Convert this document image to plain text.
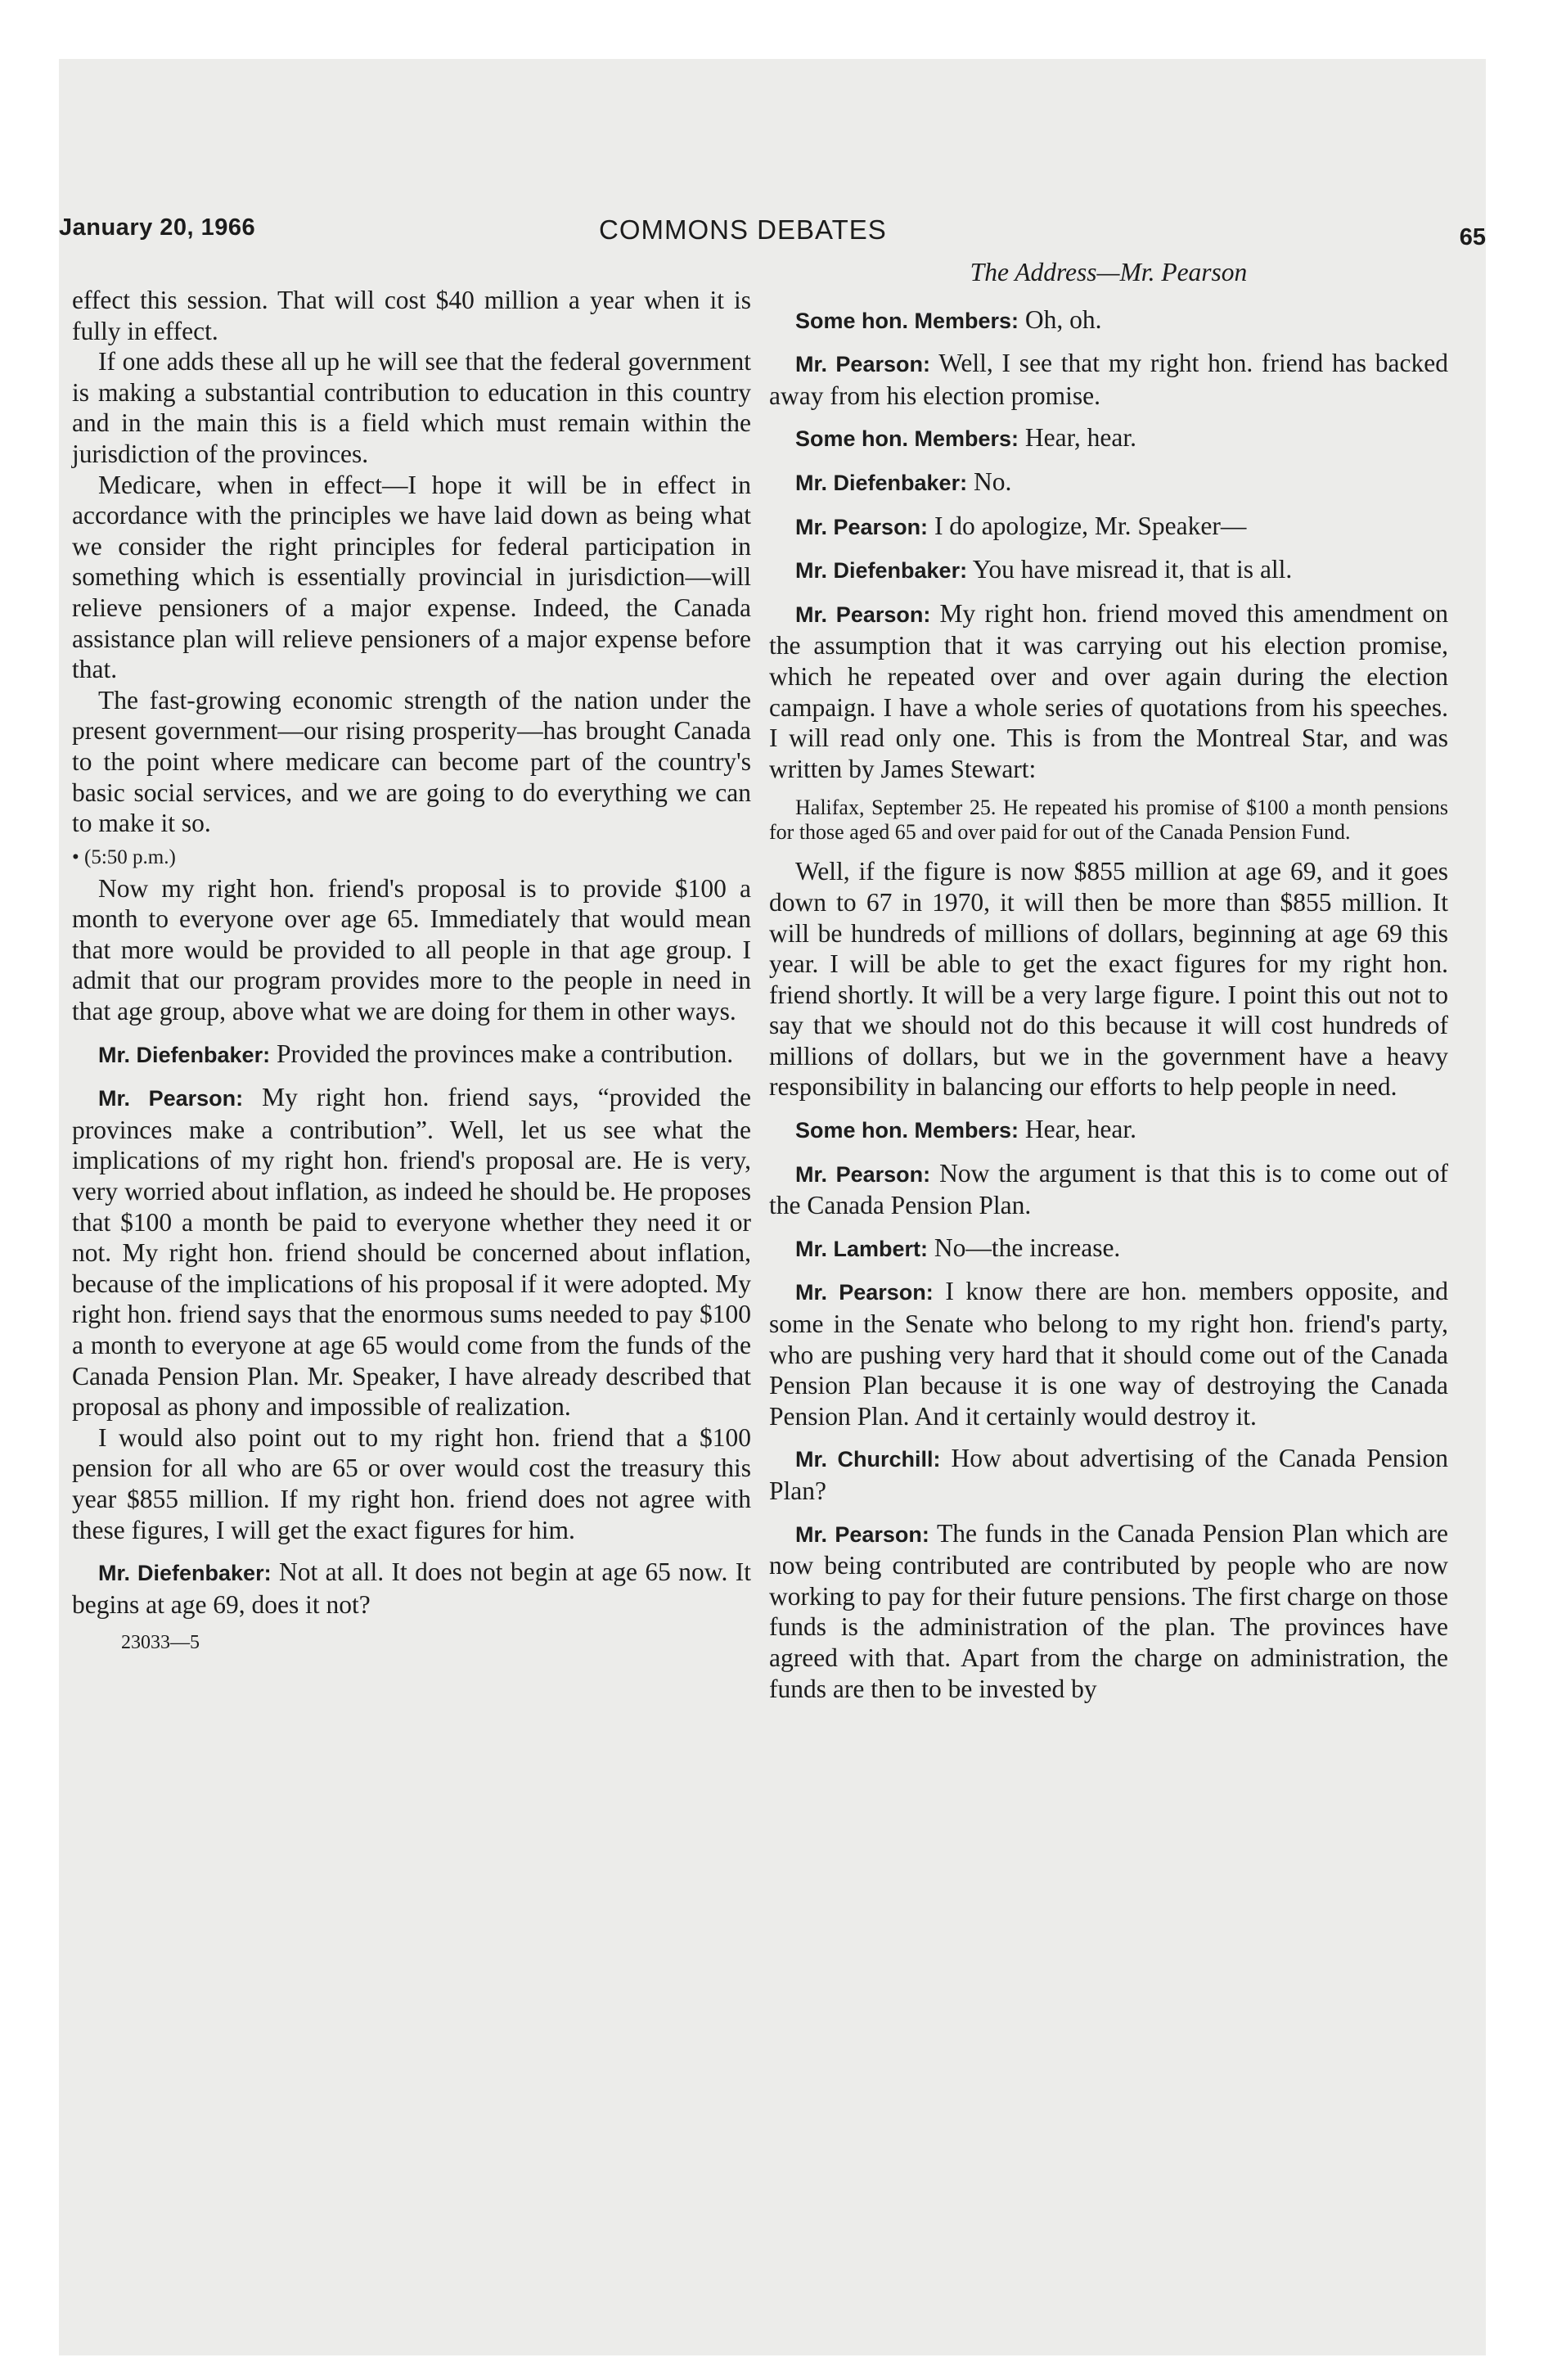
January 20, 1966	COMMONS DEBATES	65

effect this session. That will cost $40 million a year when it is fully in effect.

If one adds these all up he will see that the federal government is making a substantial contribution to education in this country and in the main this is a field which must remain within the jurisdiction of the provinces.

Medicare, when in effect—I hope it will be in effect in accordance with the principles we have laid down as being what we consider the right principles for federal participation in something which is essentially provincial in jurisdiction—will relieve pensioners of a major expense. Indeed, the Canada assistance plan will relieve pensioners of a major expense before that.

The fast-growing economic strength of the nation under the present government—our rising prosperity—has brought Canada to the point where medicare can become part of the country's basic social services, and we are going to do everything we can to make it so.

• (5:50 p.m.)

Now my right hon. friend's proposal is to provide $100 a month to everyone over age 65. Immediately that would mean that more would be provided to all people in that age group. I admit that our program provides more to the people in need in that age group, above what we are doing for them in other ways.

Mr. Diefenbaker: Provided the provinces make a contribution.

Mr. Pearson: My right hon. friend says, “provided the provinces make a contribution”. Well, let us see what the implications of my right hon. friend's proposal are. He is very, very worried about inflation, as indeed he should be. He proposes that $100 a month be paid to everyone whether they need it or not. My right hon. friend should be concerned about inflation, because of the implications of his proposal if it were adopted. My right hon. friend says that the enormous sums needed to pay $100 a month to everyone at age 65 would come from the funds of the Canada Pension Plan. Mr. Speaker, I have already described that proposal as phony and impossible of realization.

I would also point out to my right hon. friend that a $100 pension for all who are 65 or over would cost the treasury this year $855 million. If my right hon. friend does not agree with these figures, I will get the exact figures for him.

Mr. Diefenbaker: Not at all. It does not begin at age 65 now. It begins at age 69, does it not?

23033—5

The Address—Mr. Pearson

Some hon. Members: Oh, oh.

Mr. Pearson: Well, I see that my right hon. friend has backed away from his election promise.

Some hon. Members: Hear, hear.

Mr. Diefenbaker: No.

Mr. Pearson: I do apologize, Mr. Speaker—

Mr. Diefenbaker: You have misread it, that is all.

Mr. Pearson: My right hon. friend moved this amendment on the assumption that it was carrying out his election promise, which he repeated over and over again during the election campaign. I have a whole series of quotations from his speeches. I will read only one. This is from the Montreal Star, and was written by James Stewart:

Halifax, September 25. He repeated his promise of $100 a month pensions for those aged 65 and over paid for out of the Canada Pension Fund.

Well, if the figure is now $855 million at age 69, and it goes down to 67 in 1970, it will then be more than $855 million. It will be hundreds of millions of dollars, beginning at age 69 this year. I will be able to get the exact figures for my right hon. friend shortly. It will be a very large figure. I point this out not to say that we should not do this because it will cost hundreds of millions of dollars, but we in the government have a heavy responsibility in balancing our efforts to help people in need.

Some hon. Members: Hear, hear.

Mr. Pearson: Now the argument is that this is to come out of the Canada Pension Plan.

Mr. Lambert: No—the increase.

Mr. Pearson: I know there are hon. members opposite, and some in the Senate who belong to my right hon. friend's party, who are pushing very hard that it should come out of the Canada Pension Plan because it is one way of destroying the Canada Pension Plan. And it certainly would destroy it.

Mr. Churchill: How about advertising of the Canada Pension Plan?

Mr. Pearson: The funds in the Canada Pension Plan which are now being contributed are contributed by people who are now working to pay for their future pensions. The first charge on those funds is the administration of the plan. The provinces have agreed with that. Apart from the charge on administration, the funds are then to be invested by
